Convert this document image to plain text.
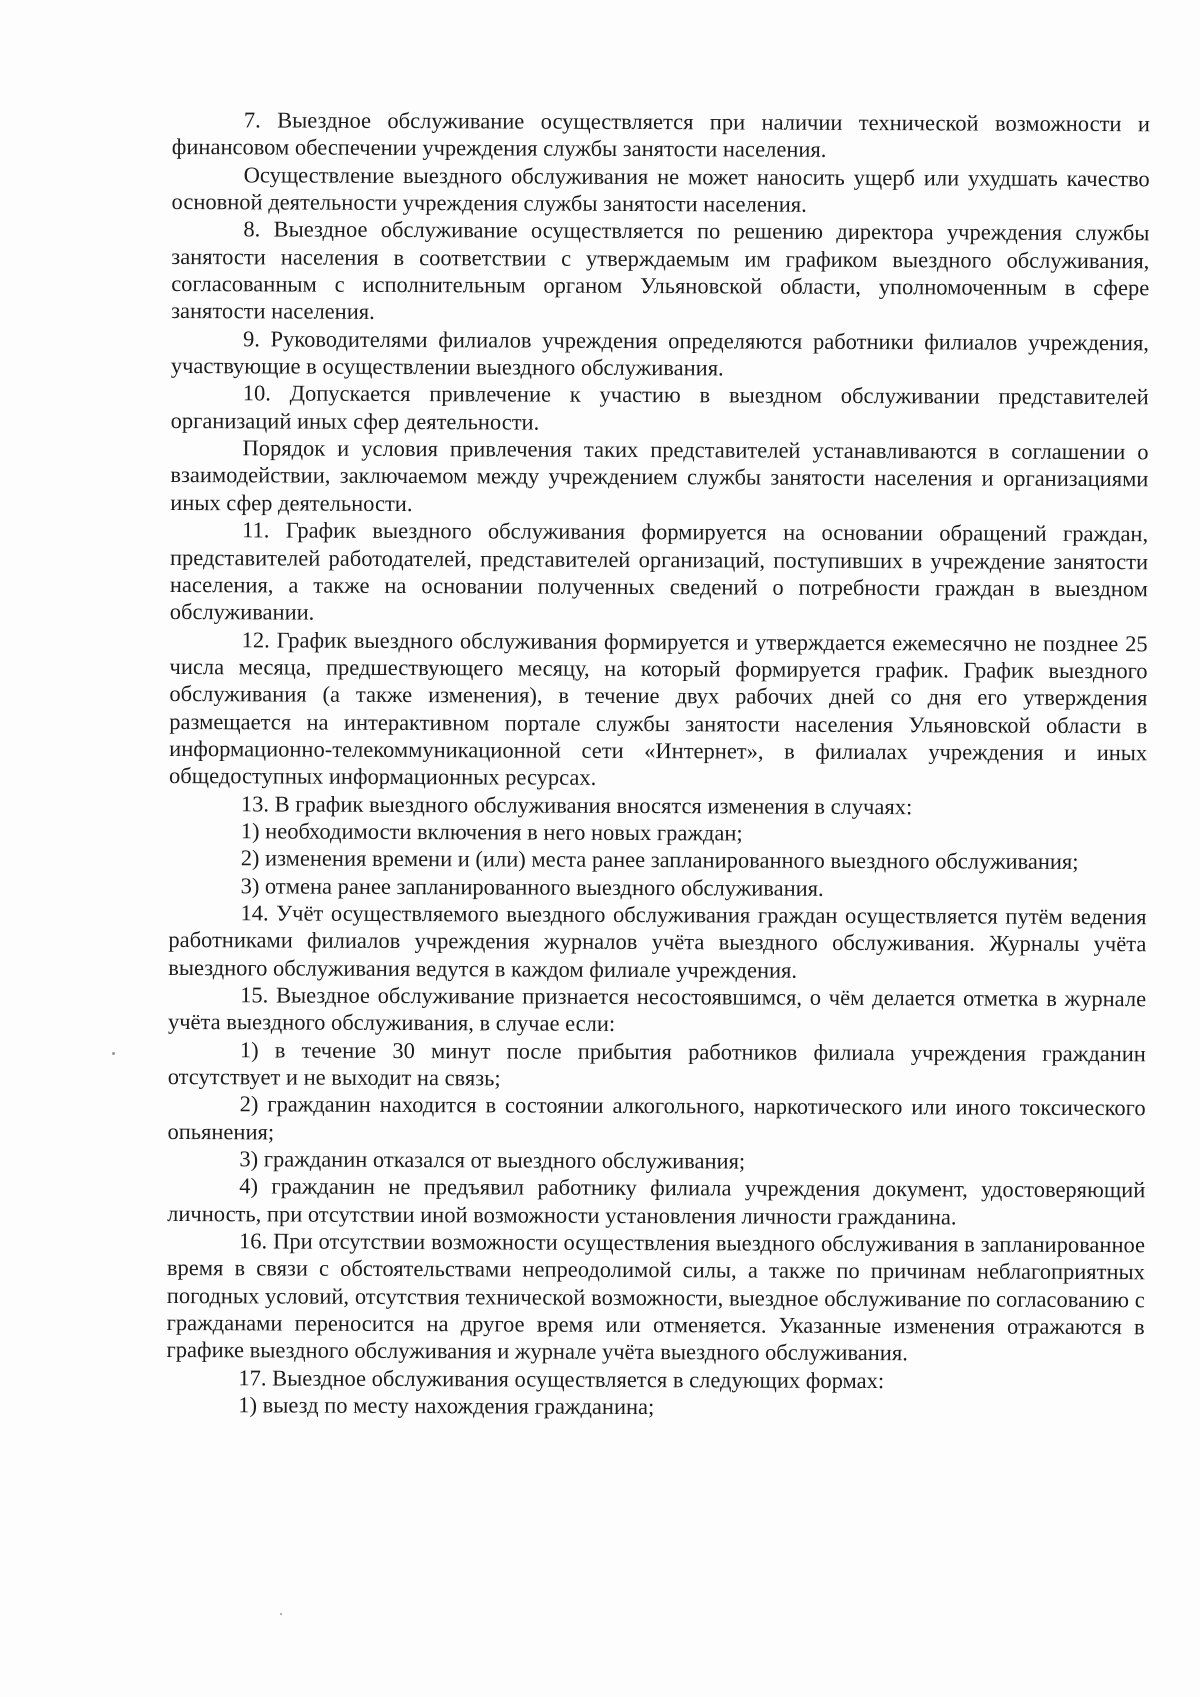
7. Выездное обслуживание осуществляется при наличии технической возможности и финансовом обеспечении учреждения службы занятости населения.

Осуществление выездного обслуживания не может наносить ущерб или ухудшать качество основной деятельности учреждения службы занятости населения.

8. Выездное обслуживание осуществляется по решению директора учреждения службы занятости населения в соответствии с утверждаемым им графиком выездного обслуживания, согласованным с исполнительным органом Ульяновской области, уполномоченным в сфере занятости населения.

9. Руководителями филиалов учреждения определяются работники филиалов учреждения, участвующие в осуществлении выездного обслуживания.

10. Допускается привлечение к участию в выездном обслуживании представителей организаций иных сфер деятельности.

Порядок и условия привлечения таких представителей устанавливаются в соглашении о взаимодействии, заключаемом между учреждением службы занятости населения и организациями иных сфер деятельности.

11. График выездного обслуживания формируется на основании обращений граждан, представителей работодателей, представителей организаций, поступивших в учреждение занятости населения, а также на основании полученных сведений о потребности граждан в выездном обслуживании.

12. График выездного обслуживания формируется и утверждается ежемесячно не позднее 25 числа месяца, предшествующего месяцу, на который формируется график. График выездного обслуживания (а также изменения), в течение двух рабочих дней со дня его утверждения размещается на интерактивном портале службы занятости населения Ульяновской области в информационно-телекоммуникационной сети «Интернет», в филиалах учреждения и иных общедоступных информационных ресурсах.

13. В график выездного обслуживания вносятся изменения в случаях:

1) необходимости включения в него новых граждан;

2) изменения времени и (или) места ранее запланированного выездного обслуживания;

3) отмена ранее запланированного выездного обслуживания.

14. Учёт осуществляемого выездного обслуживания граждан осуществляется путём ведения работниками филиалов учреждения журналов учёта выездного обслуживания. Журналы учёта выездного обслуживания ведутся в каждом филиале учреждения.

15. Выездное обслуживание признается несостоявшимся, о чём делается отметка в журнале учёта выездного обслуживания, в случае если:

1) в течение 30 минут после прибытия работников филиала учреждения гражданин отсутствует и не выходит на связь;

2) гражданин находится в состоянии алкогольного, наркотического или иного токсического опьянения;

3) гражданин отказался от выездного обслуживания;

4) гражданин не предъявил работнику филиала учреждения документ, удостоверяющий личность, при отсутствии иной возможности установления личности гражданина.

16. При отсутствии возможности осуществления выездного обслуживания в запланированное время в связи с обстоятельствами непреодолимой силы, а также по причинам неблагоприятных погодных условий, отсутствия технической возможности, выездное обслуживание по согласованию с гражданами переносится на другое время или отменяется. Указанные изменения отражаются в графике выездного обслуживания и журнале учёта выездного обслуживания.

17. Выездное обслуживания осуществляется в следующих формах:

1) выезд по месту нахождения гражданина;
